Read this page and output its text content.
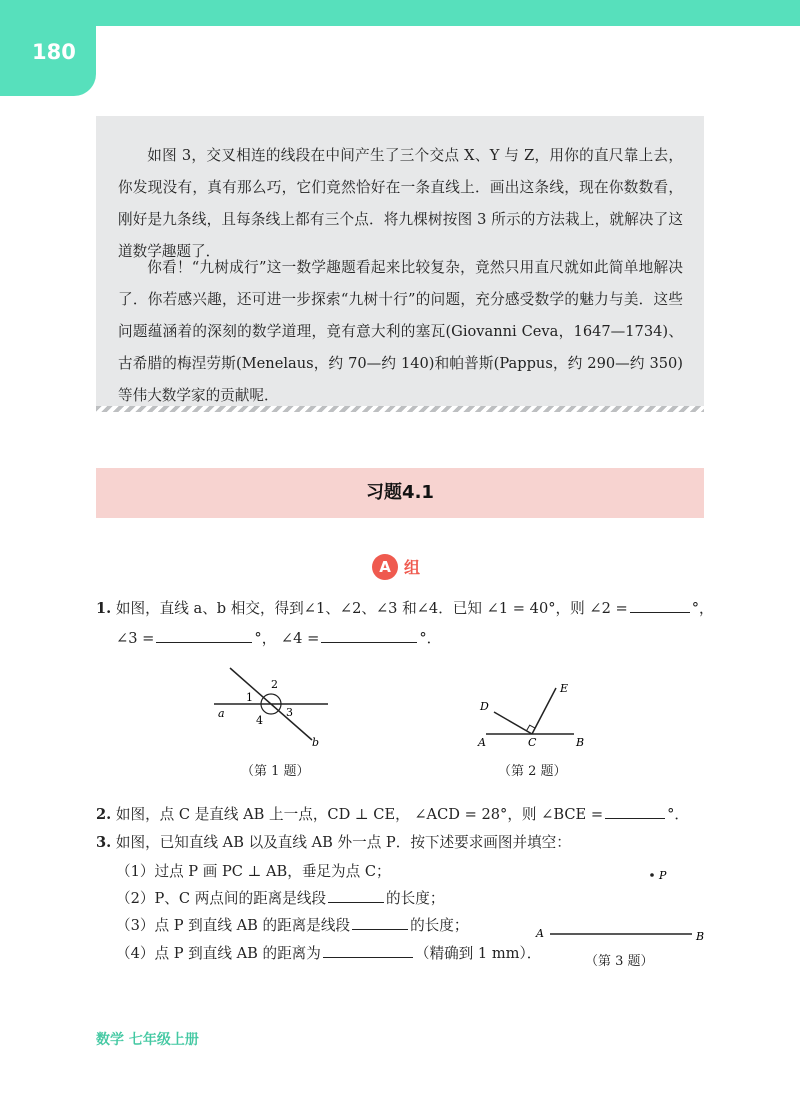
180

如图 3，交叉相连的线段在中间产生了三个交点 X、Y 与 Z，用你的直尺靠上去，你发现没有，真有那么巧，它们竟然恰好在一条直线上．画出这条线，现在你数数看，刚好是九条线，且每条线上都有三个点．将九棵树按图 3 所示的方法栽上，就解决了这道数学趣题了．

你看！“九树成行”这一数学趣题看起来比较复杂，竟然只用直尺就如此简单地解决了．你若感兴趣，还可进一步探索“九树十行”的问题，充分感受数学的魅力与美．这些问题蕴涵着的深刻的数学道理，竟有意大利的塞瓦(Giovanni Ceva，1647—1734)、古希腊的梅涅劳斯(Menelaus，约 70—约 140)和帕普斯(Pappus，约 290—约 350)等伟大数学家的贡献呢．

习题4.1
A 组
1. 如图，直线 a、b 相交，得到∠1、∠2、∠3 和∠4．已知 ∠1 = 40°，则 ∠2 =	°，
∠3 =	°， ∠4 =	°．
1
2
3
4
a
b
（第 1 题）
A	C	B
D
E
（第 2 题）
2. 如图，点 C 是直线 AB 上一点，CD ⊥ CE， ∠ACD = 28°，则 ∠BCE =	°．
3. 如图，已知直线 AB 以及直线 AB 外一点 P．按下述要求画图并填空：
（1）过点 P 画 PC ⊥ AB，垂足为点 C；
（2）P、C 两点间的距离是线段	的长度；
（3）点 P 到直线 AB 的距离是线段	的长度；
（4）点 P 到直线 AB 的距离为	（精确到 1 mm）．
P
A	B
（第 3 题）
数学 七年级上册
